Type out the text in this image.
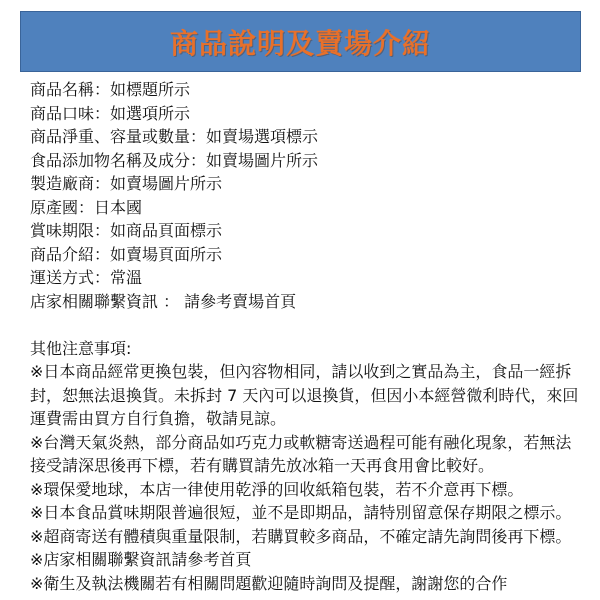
商品說明及賣場介紹
商品名稱：如標題所示
商品口味：如選項所示
商品淨重、容量或數量：如賣場選項標示
食品添加物名稱及成分：如賣場圖片所示
製造廠商：如賣場圖片所示
原產國：日本國
賞味期限：如商品頁面標示
商品介紹：如賣場頁面所示
運送方式：常溫
店家相關聯繫資訊 ： 請參考賣場首頁
其他注意事項:
※日本商品經常更換包裝，但內容物相同，請以收到之實品為主，食品一經拆
封，恕無法退換貨。未拆封 7 天內可以退換貨，但因小本經營微利時代，來回
運費需由買方自行負擔，敬請見諒。
※台灣天氣炎熱，部分商品如巧克力或軟糖寄送過程可能有融化現象，若無法
接受請深思後再下標，若有購買請先放冰箱一天再食用會比較好。
※環保愛地球，本店一律使用乾淨的回收紙箱包裝，若不介意再下標。
※日本食品賞味期限普遍很短，並不是即期品，請特別留意保存期限之標示。
※超商寄送有體積與重量限制，若購買較多商品，不確定請先詢問後再下標。
※店家相關聯繫資訊請參考首頁
※衛生及執法機關若有相關問題歡迎隨時詢問及提醒，謝謝您的合作
